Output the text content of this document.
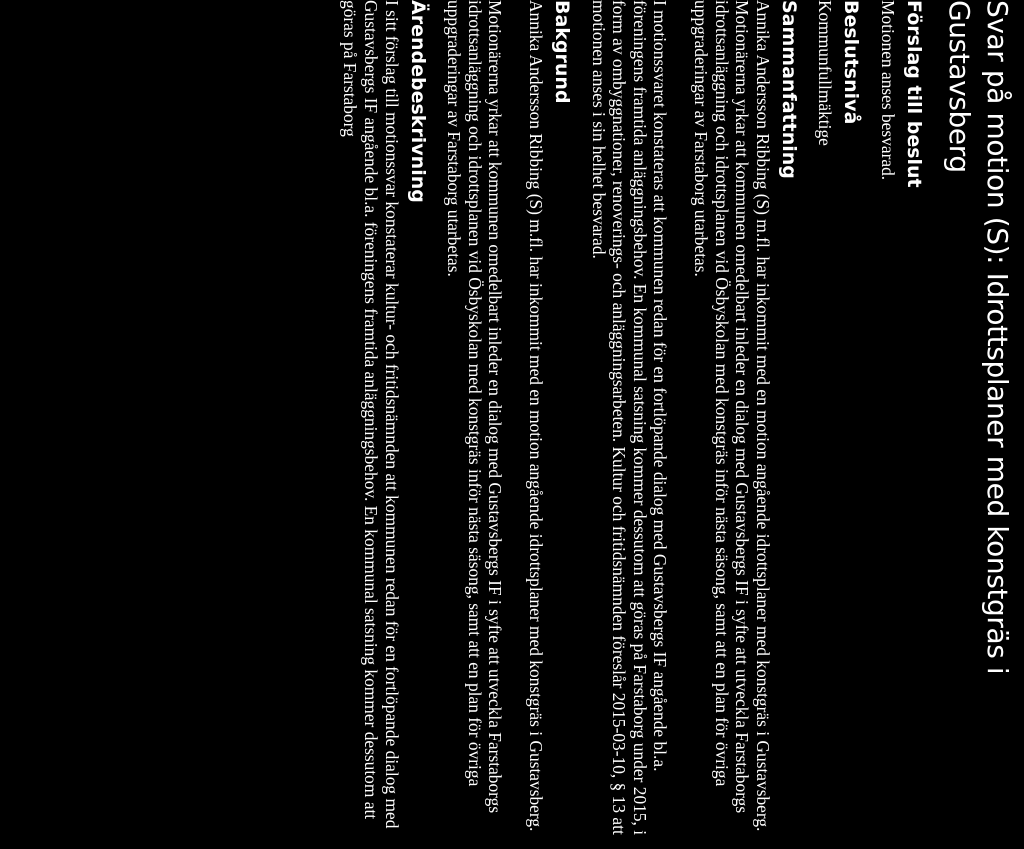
Svar på motion (S): Idrottsplaner med konstgräs i Gustavsberg
Förslag till beslut

Motionen anses besvarad.

Beslutsnivå

Kommunfullmäktige

Sammanfattning

Annika Andersson Ribbing (S) m.fl. har inkommit med en motion angående idrottsplaner med konstgräs i Gustavsberg. Motionärerna yrkar att kommunen omedelbart inleder en dialog med Gustavsbergs IF i syfte att utveckla Farstaborgs idrottsanläggning och idrottsplanen vid Ösbyskolan med konstgräs inför nästa säsong, samt att en plan för övriga uppgraderingar av Farstaborg utarbetas.

I motionssvaret konstateras att kommunen redan för en fortlöpande dialog med Gustavsbergs IF angående bl.a. föreningens framtida anläggningsbehov. En kommunal satsning kommer dessutom att göras på Farstaborg under 2015, i form av ombyggnationer, renoverings- och anläggningsarbeten. Kultur och fritidsnämnden föreslår 2015-03-10, § 13 att motionen anses i sin helhet besvarad.

Bakgrund

Annika Andersson Ribbing (S) m.fl. har inkommit med en motion angående idrottsplaner med konstgräs i Gustavsberg.

Motionärerna yrkar att kommunen omedelbart inleder en dialog med Gustavsbergs IF i syfte att utveckla Farstaborgs idrottsanläggning och idrottsplanen vid Ösbyskolan med konstgräs inför nästa säsong, samt att en plan för övriga uppgraderingar av Farstaborg utarbetas.

Ärendebeskrivning

I sitt förslag till motionssvar konstaterar kultur- och fritidsnämnden att kommunen redan för en fortlöpande dialog med Gustavsbergs IF angående bl.a. föreningens framtida anläggningsbehov. En kommunal satsning kommer dessutom att göras på Farstaborg
